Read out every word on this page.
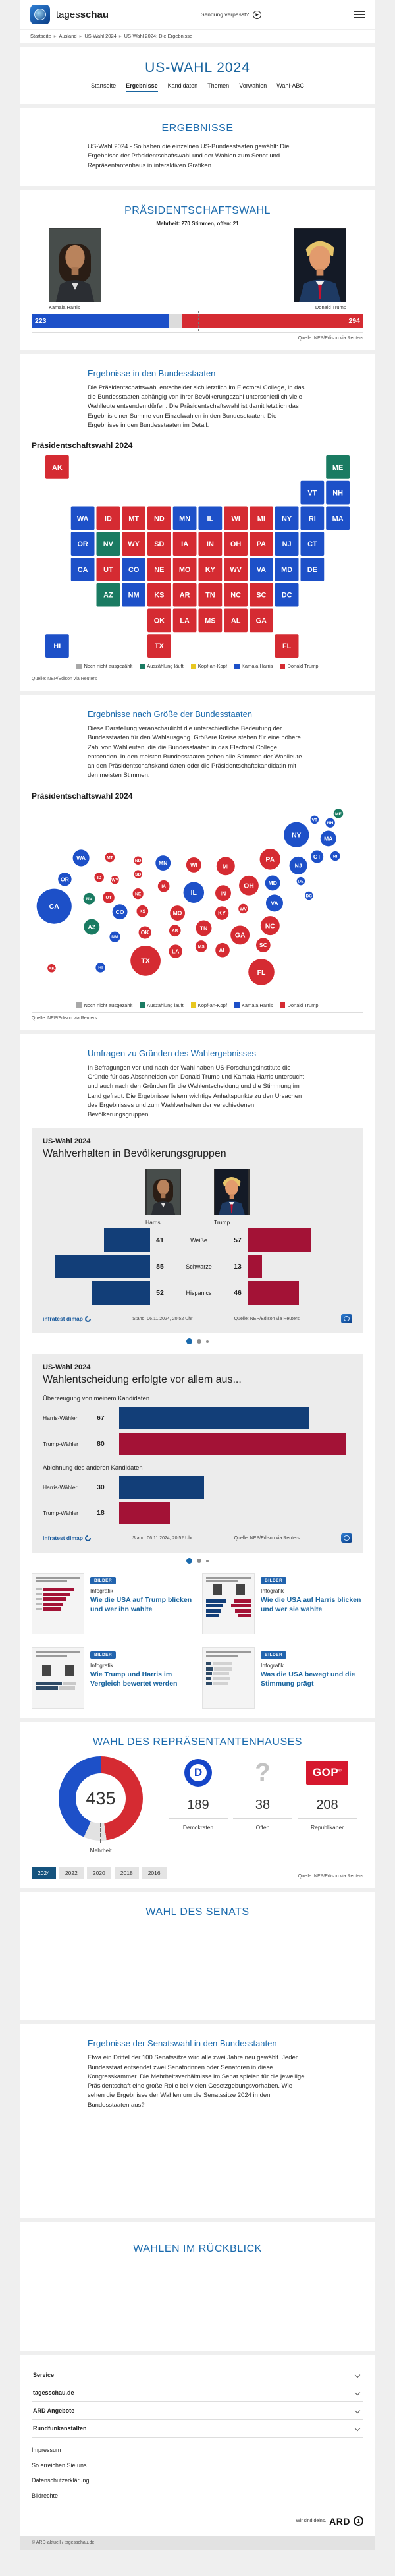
tagesschau	Sendung verpasst?	▶
Startseite ▸ Ausland ▸ US-Wahl 2024 ▸ US-Wahl 2024: Die Ergebnisse
US-WAHL 2024
Startseite Ergebnisse Kandidaten Themen Vorwahlen Wahl-ABC
ERGEBNISSE

US-Wahl 2024 - So haben die einzelnen US-Bundesstaaten gewählt: Die Ergebnisse der Präsidentschaftswahl und der Wahlen zum Senat und Repräsentantenhaus in interaktiven Grafiken.

PRÄSIDENTSCHAFTSWAHL
Mehrheit: 270 Stimmen, offen: 21
Kamala Harris	Donald Trump
223	294
Quelle: NEP/Edison via Reuters
Ergebnisse in den Bundesstaaten

Die Präsidentschaftswahl entscheidet sich letztlich im Electoral College, in das die Bundesstaaten abhängig von ihrer Bevölkerungszahl unterschiedlich viele Wahlleute entsenden dürfen. Die Präsidentschaftswahl ist damit letztlich das Ergebnis einer Summe von Einzelwahlen in den Bundesstaaten. Die Ergebnisse in den Bundesstaaten im Detail.

Präsidentschaftswahl 2024
AK	ME
VT NH
WA ID MT ND MN IL WI MI NY RI MA
OR NV WY SD IA	IN OH PA NJ CT
CA UT CO NE MO KY WV VA MD DE
AZ NM KS AR TN NC SC DC
OK LA MS AL GA
HI	TX	FL
Noch nicht ausgezählt	Auszählung läuft	Kopf-an-Kopf	Kamala Harris	Donald Trump
Quelle: NEP/Edison via Reuters
Ergebnisse nach Größe der Bundesstaaten

Diese Darstellung veranschaulicht die unterschiedliche Bedeutung der Bundesstaaten für den Wahlausgang. Größere Kreise stehen für eine höhere Zahl von Wahlleuten, die die Bundesstaaten in das Electoral College entsenden. In den meisten Bundesstaaten gehen alle Stimmen der Wahlleute an den Präsidentschaftskandidaten oder die Präsidentschaftskandidatin mit den meisten Stimmen.

Präsidentschaftswahl 2024
AK
ME
VT
NH
WA
ID
MT
ND	MN
IL
WI	MI
NY
RI
MA
OR
NV
WY
SD
IA
IN
OH
PA
NJ
CT
CA
UT
CO
NE
MO	KY
WV
VA
MD	DE
AZ
NM
KS
AR	TN	NC
SC
DC
OK
LA
MS AL
GA
HI
TX
FL
Noch nicht ausgezählt	Auszählung läuft	Kopf-an-Kopf	Kamala Harris	Donald Trump
Quelle: NEP/Edison via Reuters
Umfragen zu Gründen des Wahlergebnisses

In Befragungen vor und nach der Wahl haben US-Forschungsinstitute die Gründe für das Abschneiden von Donald Trump und Kamala Harris untersucht und auch nach den Gründen für die Wahlentscheidung und die Stimmung im Land gefragt. Die Ergebnisse liefern wichtige Anhaltspunkte zu den Ursachen des Ergebnisses und zum Wahlverhalten der verschiedenen Bevölkerungsgruppen.

US-Wahl 2024
Wahlverhalten in Bevölkerungsgruppen
Harris	Trump
41	Weiße	57
85	Schwarze	13
52	Hispanics	46
infratest dimap	Stand: 06.11.2024, 20:52 Uhr	Quelle: NEP/Edison via Reuters
US-Wahl 2024
Wahlentscheidung erfolgte vor allem aus...
Überzeugung von meinem Kandidaten
Harris-Wähler	67
Trump-Wähler	80
Ablehnung des anderen Kandidaten
Harris-Wähler	30
Trump-Wähler	18
infratest dimap	Stand: 06.11.2024, 20:52 Uhr	Quelle: NEP/Edison via Reuters
BILDER
Infografik
Wie die USA auf Trump blicken und wer ihn wählte
BILDER
Infografik
Wie die USA auf Harris blicken und wer sie wählte
BILDER
Infografik
Wie Trump und Harris im Vergleich bewertet werden
BILDER
Infografik
Was die USA bewegt und die Stimmung prägt
WAHL DES REPRÄSENTANTENHAUSES
435
Mehrheit
D
189
Demokraten
?
38
Offen
GOP®
208
Republikaner
2024	2022	2020	2018	2016
Quelle: NEP/Edison via Reuters
WAHL DES SENATS
Ergebnisse der Senatswahl in den Bundesstaaten

Etwa ein Drittel der 100 Senatssitze wird alle zwei Jahre neu gewählt. Jeder Bundesstaat entsendet zwei Senatorinnen oder Senatoren in diese Kongresskammer. Die Mehrheitsverhältnisse im Senat spielen für die jeweilige Präsidentschaft eine große Rolle bei vielen Gesetzgebungsvorhaben. Wie sehen die Ergebnisse der Wahlen um die Senatssitze 2024 in den Bundesstaaten aus?

WAHLEN IM RÜCKBLICK
Service
tagesschau.de
ARD Angebote
Rundfunkanstalten
Impressum
So erreichen Sie uns
Datenschutzerklärung
Bildrechte
Wir sind deins. ARD	1
© ARD-aktuell / tagesschau.de
